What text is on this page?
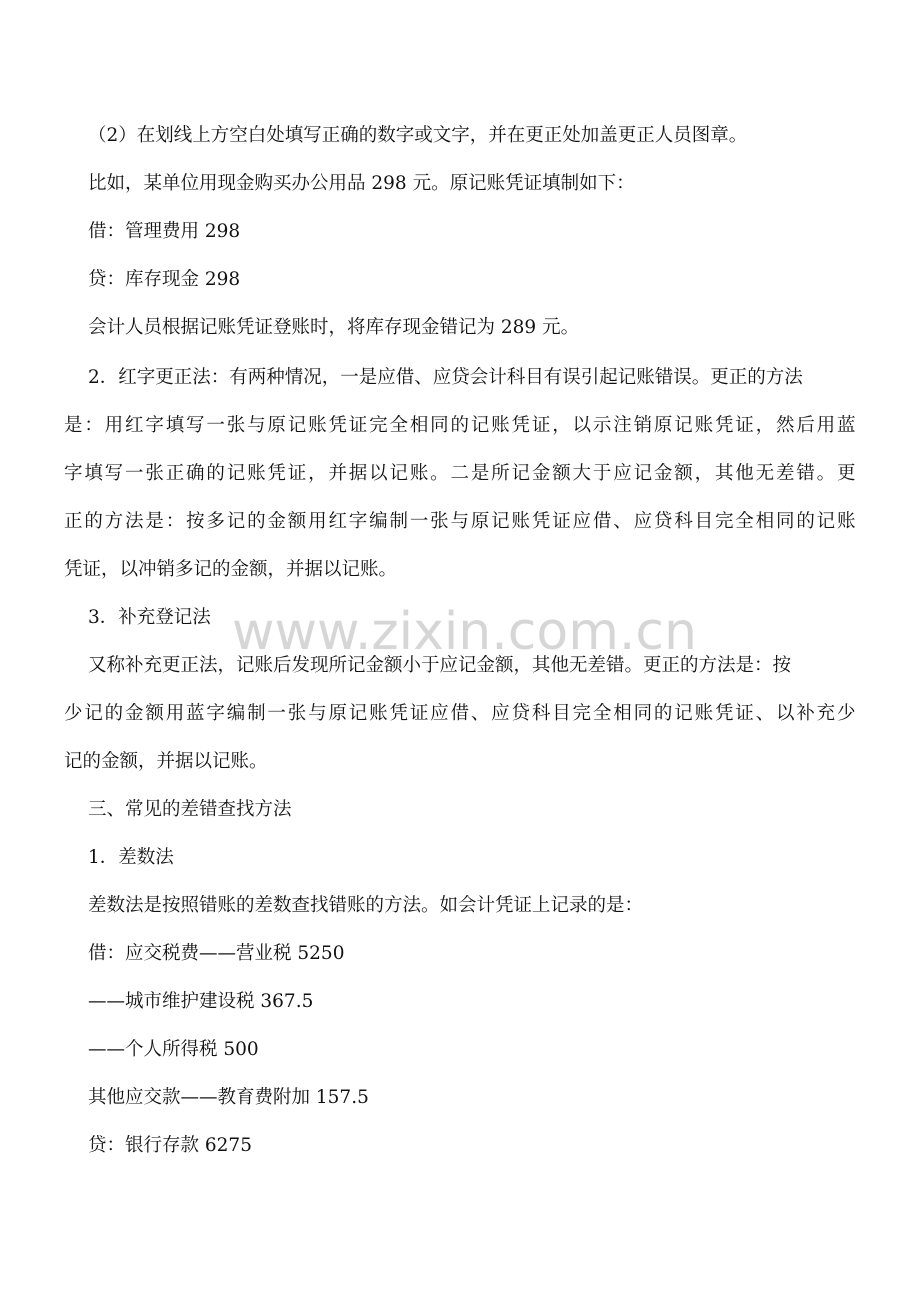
www.zixin.com.cn
（2）在划线上方空白处填写正确的数字或文字，并在更正处加盖更正人员图章。
比如，某单位用现金购买办公用品 298 元。原记账凭证填制如下：
借：管理费用 298
贷：库存现金 298
会计人员根据记账凭证登账时，将库存现金错记为 289 元。
2．红字更正法：有两种情况，一是应借、应贷会计科目有误引起记账错误。更正的方法
是：用红字填写一张与原记账凭证完全相同的记账凭证，以示注销原记账凭证，然后用蓝
字填写一张正确的记账凭证，并据以记账。二是所记金额大于应记金额，其他无差错。更
正的方法是：按多记的金额用红字编制一张与原记账凭证应借、应贷科目完全相同的记账
凭证，以冲销多记的金额，并据以记账。
3．补充登记法
又称补充更正法，记账后发现所记金额小于应记金额，其他无差错。更正的方法是：按
少记的金额用蓝字编制一张与原记账凭证应借、应贷科目完全相同的记账凭证、以补充少
记的金额，并据以记账。
三、常见的差错查找方法
1．差数法
差数法是按照错账的差数查找错账的方法。如会计凭证上记录的是：
借：应交税费——营业税 5250
——城市维护建设税 367.5
——个人所得税 500
其他应交款——教育费附加 157.5
贷：银行存款 6275
